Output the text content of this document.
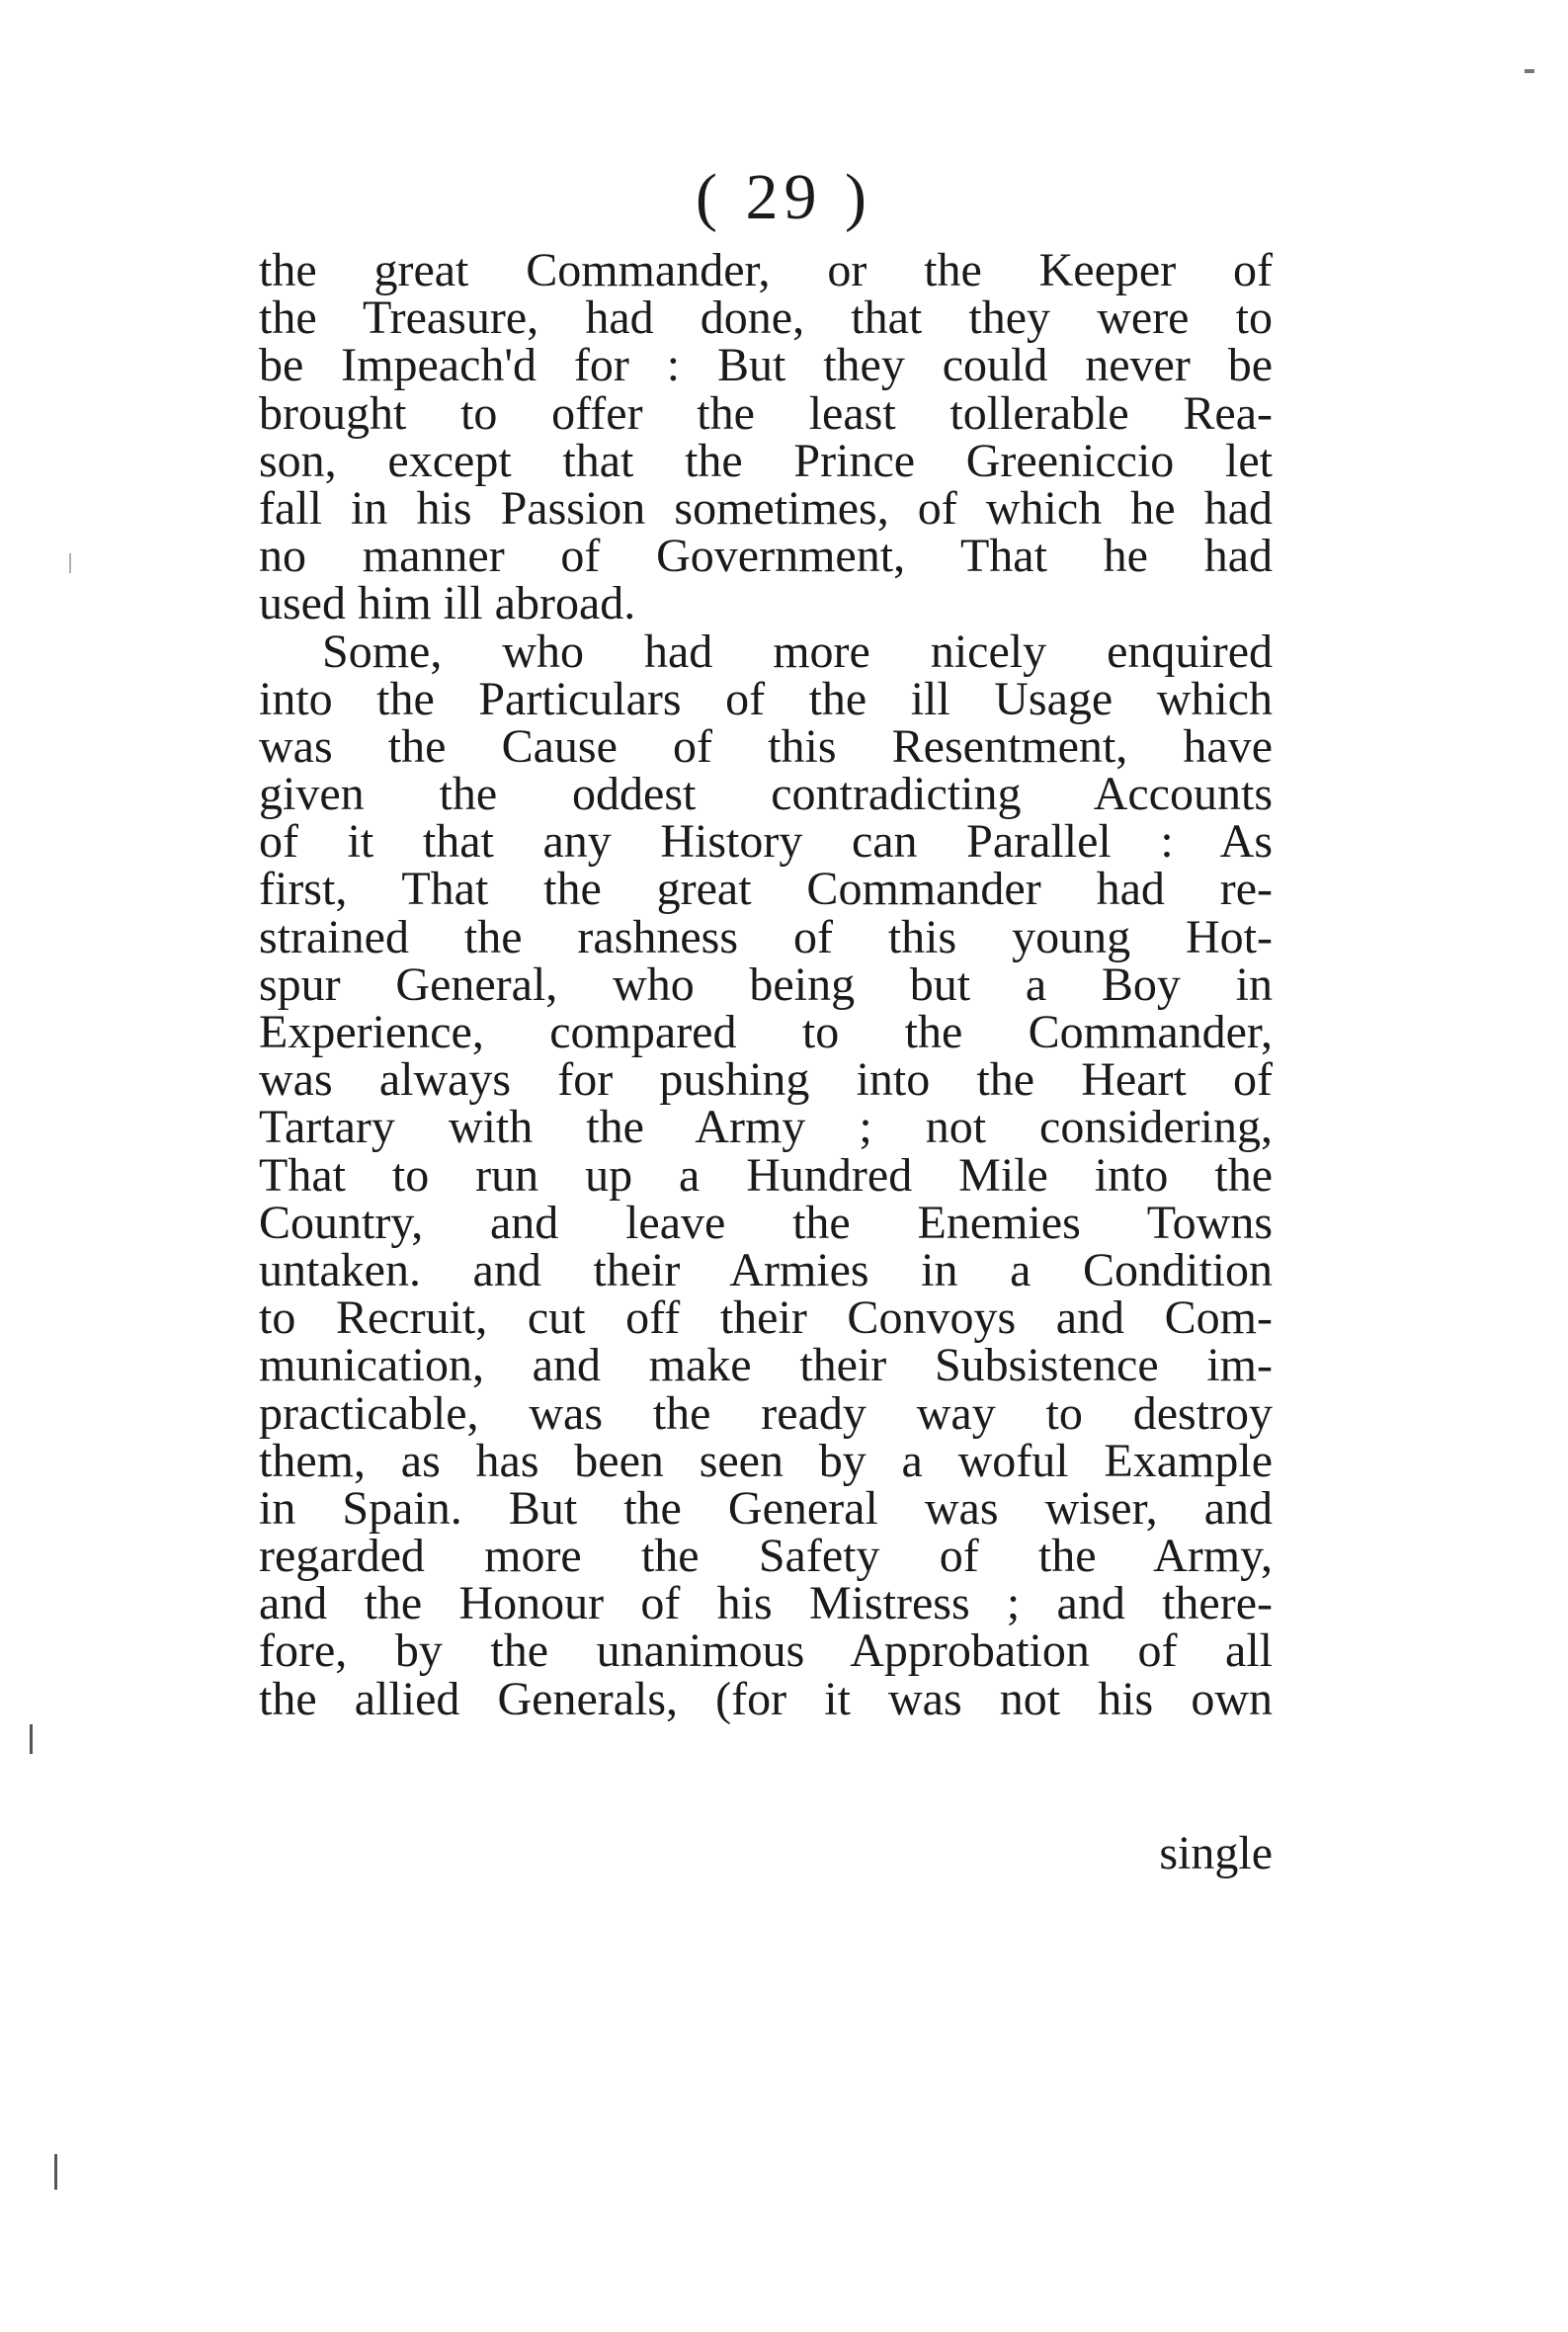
( 29 )
the great Commander, or the Keeper of
the Treasure, had done, that they were to
be Impeach'd for : But they could never be
brought to offer the least tollerable Rea-
son, except that the Prince Greeniccio let
fall in his Passion sometimes, of which he had
no manner of Government, That he had
used him ill abroad.
Some, who had more nicely enquired
into the Particulars of the ill Usage which
was the Cause of this Resentment, have
given the oddest contradicting Accounts
of it that any History can Parallel : As
first, That the great Commander had re-
strained the rashness of this young Hot-
spur General, who being but a Boy in
Experience, compared to the Commander,
was always for pushing into the Heart of
Tartary with the Army ; not considering,
That to run up a Hundred Mile into the
Country, and leave the Enemies Towns
untaken. and their Armies in a Condition
to Recruit, cut off their Convoys and Com-
munication, and make their Subsistence im-
practicable, was the ready way to destroy
them, as has been seen by a woful Example
in Spain. But the General was wiser, and
regarded more the Safety of the Army,
and the Honour of his Mistress ; and there-
fore, by the unanimous Approbation of all
the allied Generals, (for it was not his own
single
